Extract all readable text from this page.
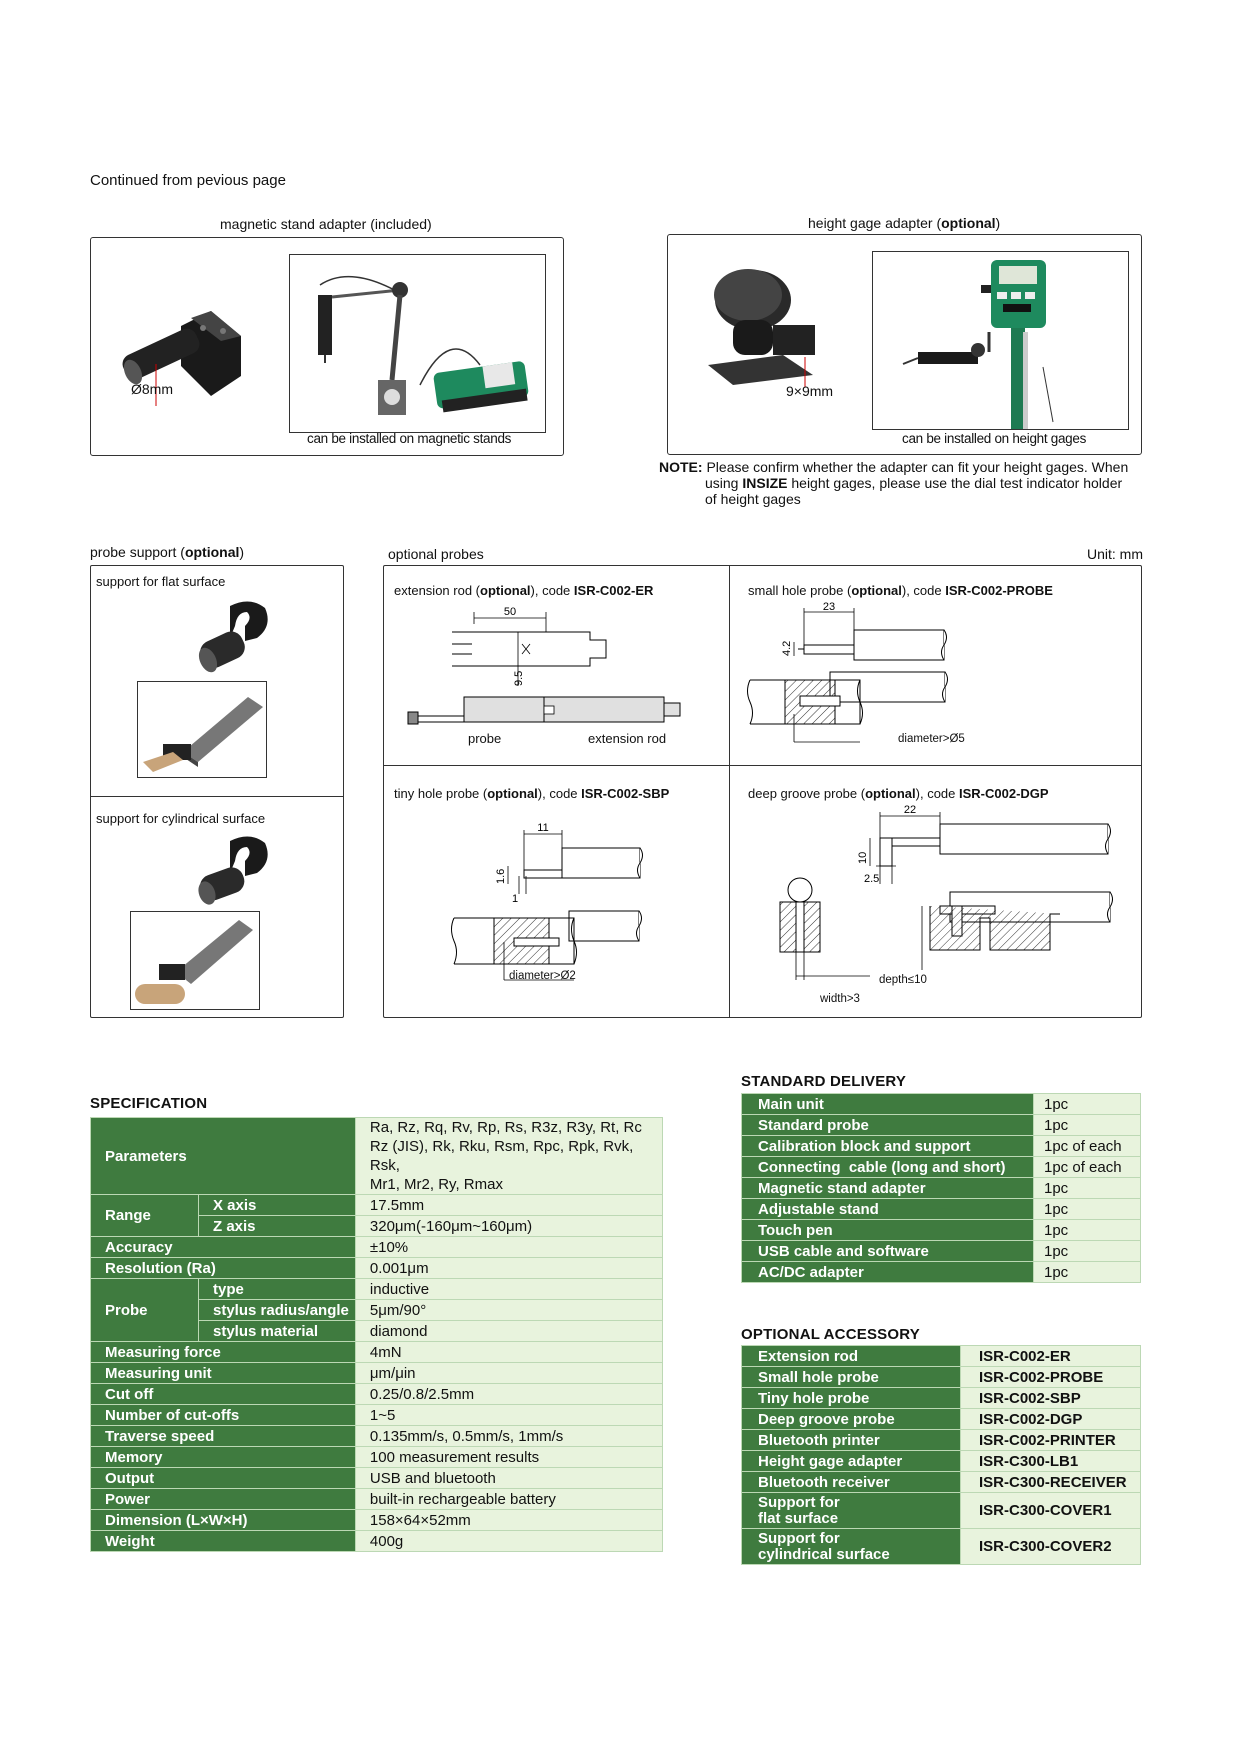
Continued from pevious page
magnetic stand adapter (included)
Ø8mm
can be installed on magnetic stands
height gage adapter (optional)
9×9mm
can be installed on height gages
NOTE: Please confirm whether the adapter can fit your height gages. When
using INSIZE height gages, please use the dial test indicator holder
of height gages
probe support (optional)
support for flat surface
support for cylindrical surface
optional probes	Unit: mm
extension rod (optional), code ISR-C002-ER
50
9.5
probe	extension rod
small hole probe (optional), code ISR-C002-PROBE
23
4.2
diameter>Ø5
tiny hole probe (optional), code ISR-C002-SBP
11
1.6
1
diameter>Ø2
deep groove probe (optional), code ISR-C002-DGP
22
10
2.5
width>3
depth≤10
SPECIFICATION
Parameters		Ra, Rz, Rq, Rv, Rp, Rs, R3z, R3y, Rt, Rc
Rz (JIS), Rk, Rku, Rsm, Rpc, Rpk, Rvk, Rsk,
Mr1, Mr2, Ry, Rmax

Range	X axis	17.5mm
	Z axis	320μm(-160μm~160μm)
Accuracy		±10%
Resolution (Ra)		0.001μm
Probe	type	inductive
	stylus radius/angle	5μm/90°
	stylus material	diamond
Measuring force		4mN
Measuring unit		μm/μin
Cut off		0.25/0.8/2.5mm
Number of cut-offs		1~5
Traverse speed		0.135mm/s, 0.5mm/s, 1mm/s
Memory		100 measurement results
Output		USB and bluetooth
Power		built-in rechargeable battery
Dimension (L×W×H)		158×64×52mm
Weight		400g
STANDARD DELIVERY
Main unit	1pc
Standard probe	1pc
Calibration block and support	1pc of each
Connecting  cable (long and short)	1pc of each
Magnetic stand adapter	1pc
Adjustable stand	1pc
Touch pen	1pc
USB cable and software	1pc
AC/DC adapter	1pc
OPTIONAL ACCESSORY
Extension rod	ISR-C002-ER
Small hole probe	ISR-C002-PROBE
Tiny hole probe	ISR-C002-SBP
Deep groove probe	ISR-C002-DGP
Bluetooth printer	ISR-C002-PRINTER
Height gage adapter	ISR-C300-LB1
Bluetooth receiver	ISR-C300-RECEIVER

Support for
flat surface	ISR-C300-COVER1

Support for
cylindrical surface	ISR-C300-COVER2
